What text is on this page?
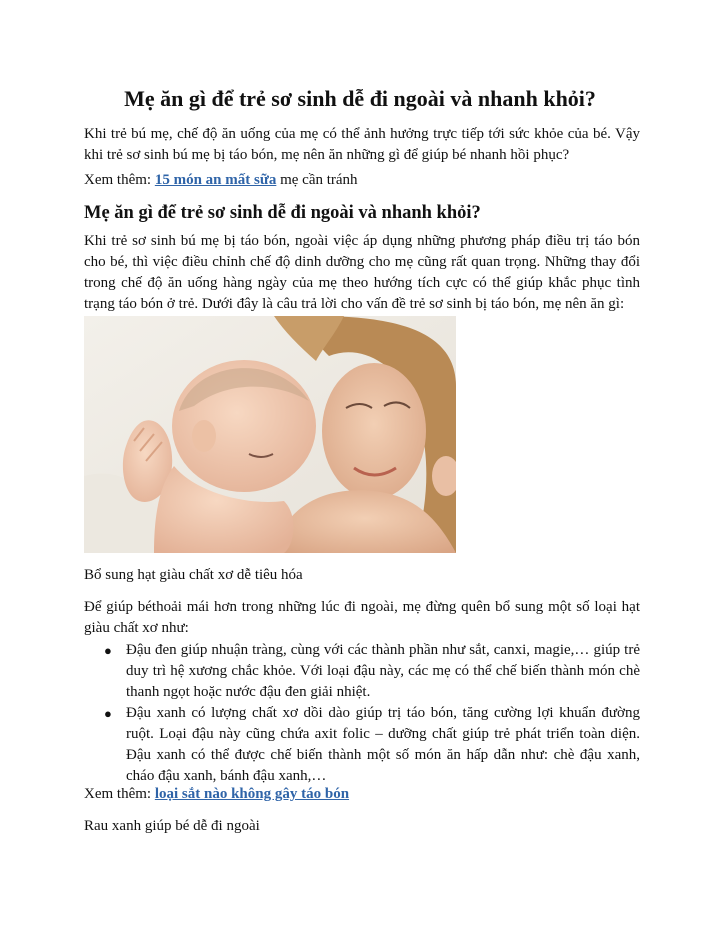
Mẹ ăn gì để trẻ sơ sinh dễ đi ngoài và nhanh khỏi?

Khi trẻ bú mẹ, chế độ ăn uống của mẹ có thể ảnh hưởng trực tiếp tới sức khỏe của bé. Vậy khi trẻ sơ sinh bú mẹ bị táo bón, mẹ nên ăn những gì để giúp bé nhanh hồi phục?

Xem thêm: 15 món an mất sữa mẹ cần tránh

Mẹ ăn gì để trẻ sơ sinh dễ đi ngoài và nhanh khỏi?

Khi trẻ sơ sinh bú mẹ bị táo bón, ngoài việc áp dụng những phương pháp điều trị táo bón cho bé, thì việc điều chỉnh chế độ dinh dưỡng cho mẹ cũng rất quan trọng. Những thay đổi trong chế độ ăn uống hàng ngày của mẹ theo hướng tích cực có thể giúp khắc phục tình trạng táo bón ở trẻ. Dưới đây là câu trả lời cho vấn đề trẻ sơ sinh bị táo bón, mẹ nên ăn gì:

Bổ sung hạt giàu chất xơ dễ tiêu hóa

Để giúp béthoải mái hơn trong những lúc đi ngoài, mẹ đừng quên bổ sung một số loại hạt giàu chất xơ như:

● Đậu đen giúp nhuận tràng, cùng với các thành phần như sắt, canxi, magie,… giúp trẻ duy trì hệ xương chắc khỏe. Với loại đậu này, các mẹ có thể chế biến thành món chè thanh ngọt hoặc nước đậu đen giải nhiệt.
● Đậu xanh có lượng chất xơ dồi dào giúp trị táo bón, tăng cường lợi khuẩn đường ruột. Loại đậu này cũng chứa axit folic – dưỡng chất giúp trẻ phát triển toàn diện. Đậu xanh có thể được chế biến thành một số món ăn hấp dẫn như: chè đậu xanh, cháo đậu xanh, bánh đậu xanh,…

Xem thêm: loại sắt nào không gây táo bón

Rau xanh giúp bé dễ đi ngoài
